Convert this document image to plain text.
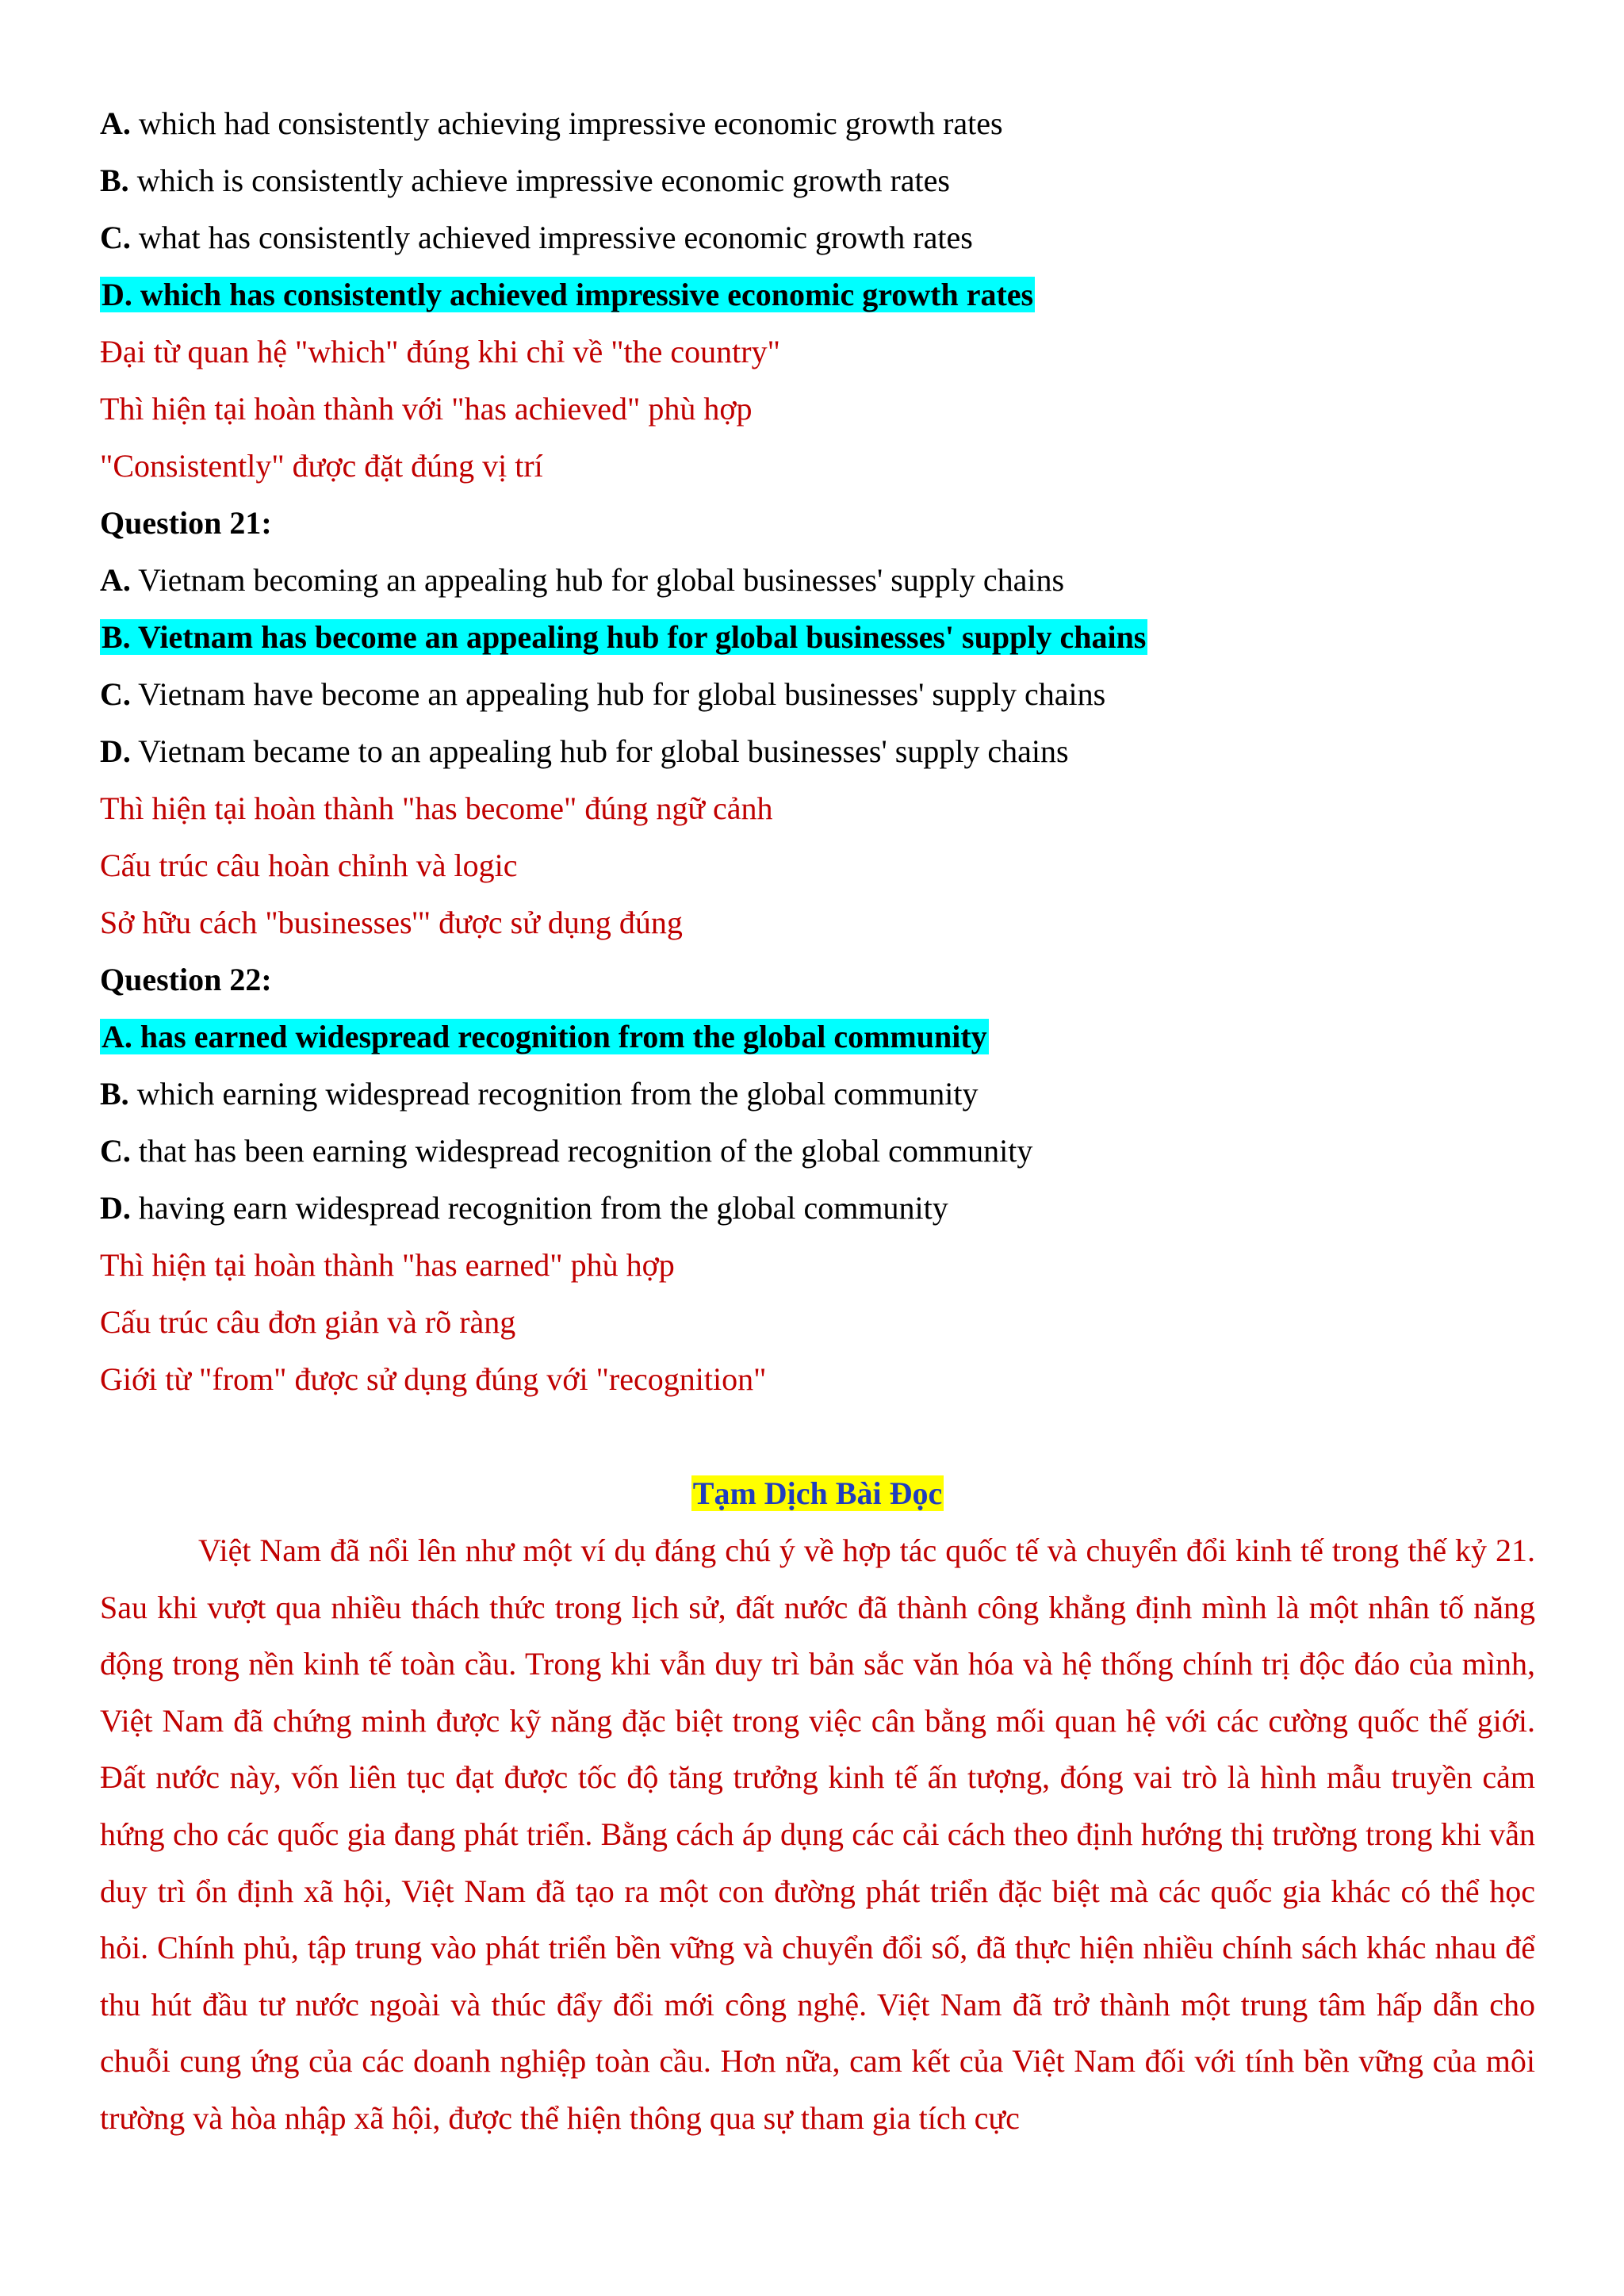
A. which had consistently achieving impressive economic growth rates
B. which is consistently achieve impressive economic growth rates
C. what has consistently achieved impressive economic growth rates
D. which has consistently achieved impressive economic growth rates
Đại từ quan hệ "which" đúng khi chỉ về "the country"
Thì hiện tại hoàn thành với "has achieved" phù hợp
"Consistently" được đặt đúng vị trí
Question 21:
A. Vietnam becoming an appealing hub for global businesses' supply chains
B. Vietnam has become an appealing hub for global businesses' supply chains
C. Vietnam have become an appealing hub for global businesses' supply chains
D. Vietnam became to an appealing hub for global businesses' supply chains
Thì hiện tại hoàn thành "has become" đúng ngữ cảnh
Cấu trúc câu hoàn chỉnh và logic
Sở hữu cách "businesses'" được sử dụng đúng
Question 22:
A. has earned widespread recognition from the global community
B. which earning widespread recognition from the global community
C. that has been earning widespread recognition of the global community
D. having earn widespread recognition from the global community
Thì hiện tại hoàn thành "has earned" phù hợp
Cấu trúc câu đơn giản và rõ ràng
Giới từ "from" được sử dụng đúng với "recognition"
Tạm Dịch Bài Đọc

Việt Nam đã nổi lên như một ví dụ đáng chú ý về hợp tác quốc tế và chuyển đổi kinh tế trong thế kỷ 21. Sau khi vượt qua nhiều thách thức trong lịch sử, đất nước đã thành công khẳng định mình là một nhân tố năng động trong nền kinh tế toàn cầu. Trong khi vẫn duy trì bản sắc văn hóa và hệ thống chính trị độc đáo của mình, Việt Nam đã chứng minh được kỹ năng đặc biệt trong việc cân bằng mối quan hệ với các cường quốc thế giới. Đất nước này, vốn liên tục đạt được tốc độ tăng trưởng kinh tế ấn tượng, đóng vai trò là hình mẫu truyền cảm hứng cho các quốc gia đang phát triển. Bằng cách áp dụng các cải cách theo định hướng thị trường trong khi vẫn duy trì ổn định xã hội, Việt Nam đã tạo ra một con đường phát triển đặc biệt mà các quốc gia khác có thể học hỏi. Chính phủ, tập trung vào phát triển bền vững và chuyển đổi số, đã thực hiện nhiều chính sách khác nhau để thu hút đầu tư nước ngoài và thúc đẩy đổi mới công nghệ. Việt Nam đã trở thành một trung tâm hấp dẫn cho chuỗi cung ứng của các doanh nghiệp toàn cầu. Hơn nữa, cam kết của Việt Nam đối với tính bền vững của môi trường và hòa nhập xã hội, được thể hiện thông qua sự tham gia tích cực
